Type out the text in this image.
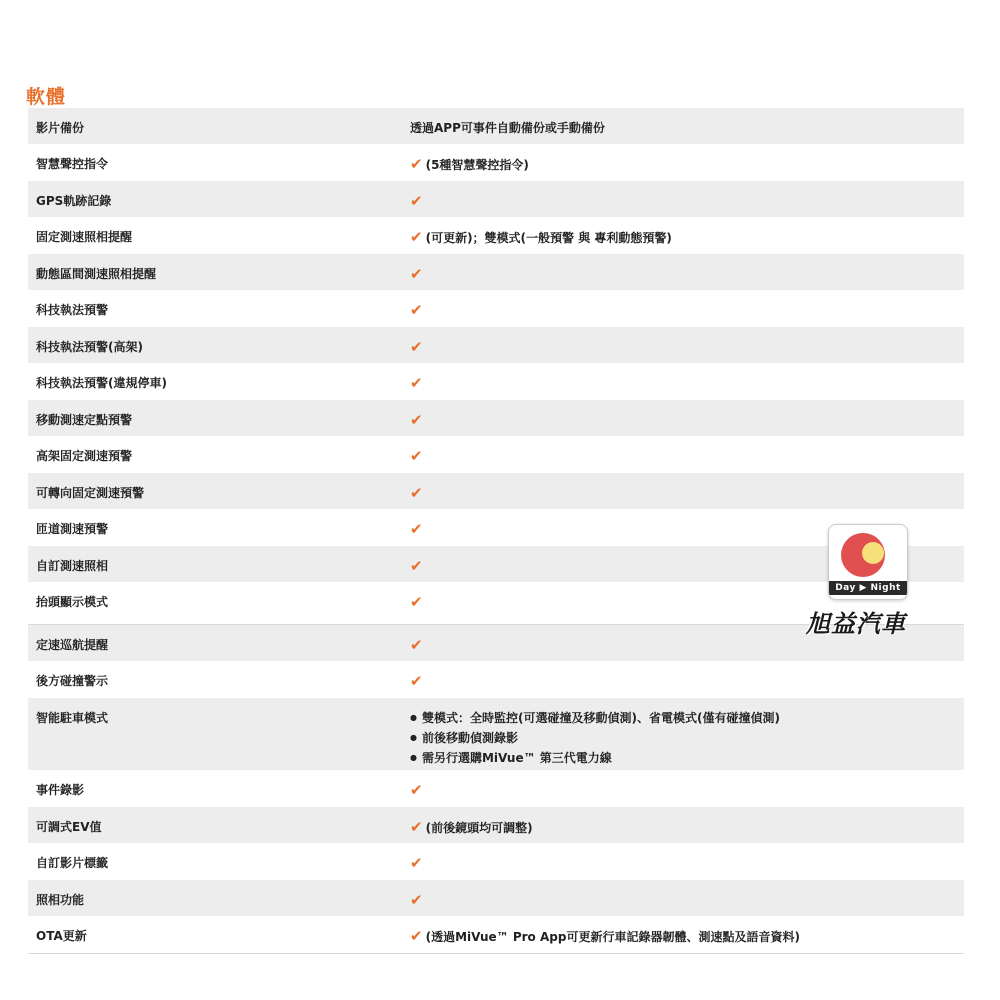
軟體
影片備份	透過APP可事件自動備份或手動備份
智慧聲控指令	✔ (5種智慧聲控指令)
GPS軌跡記錄	✔
固定測速照相提醒	✔ (可更新)；雙模式(一般預警 與 專利動態預警)
動態區間測速照相提醒	✔
科技執法預警	✔
科技執法預警(高架)	✔
科技執法預警(違規停車)	✔
移動測速定點預警	✔
高架固定測速預警	✔
可轉向固定測速預警	✔
匝道測速預警	✔
自訂測速照相	✔
抬頭顯示模式	✔
定速巡航提醒	✔
後方碰撞警示	✔
智能駐車模式
●	雙模式：全時監控(可選碰撞及移動偵測)、省電模式(僅有碰撞偵測)
● 前後移動偵測錄影
● 需另行選購MiVue™ 第三代電力線
事件錄影	✔
可調式EV值	✔ (前後鏡頭均可調整)
自訂影片標籤	✔
照相功能	✔
OTA更新	✔ (透過MiVue™ Pro App可更新行車記錄器韌體、測速點及語音資料)
Day ▶ Night
旭益汽車
